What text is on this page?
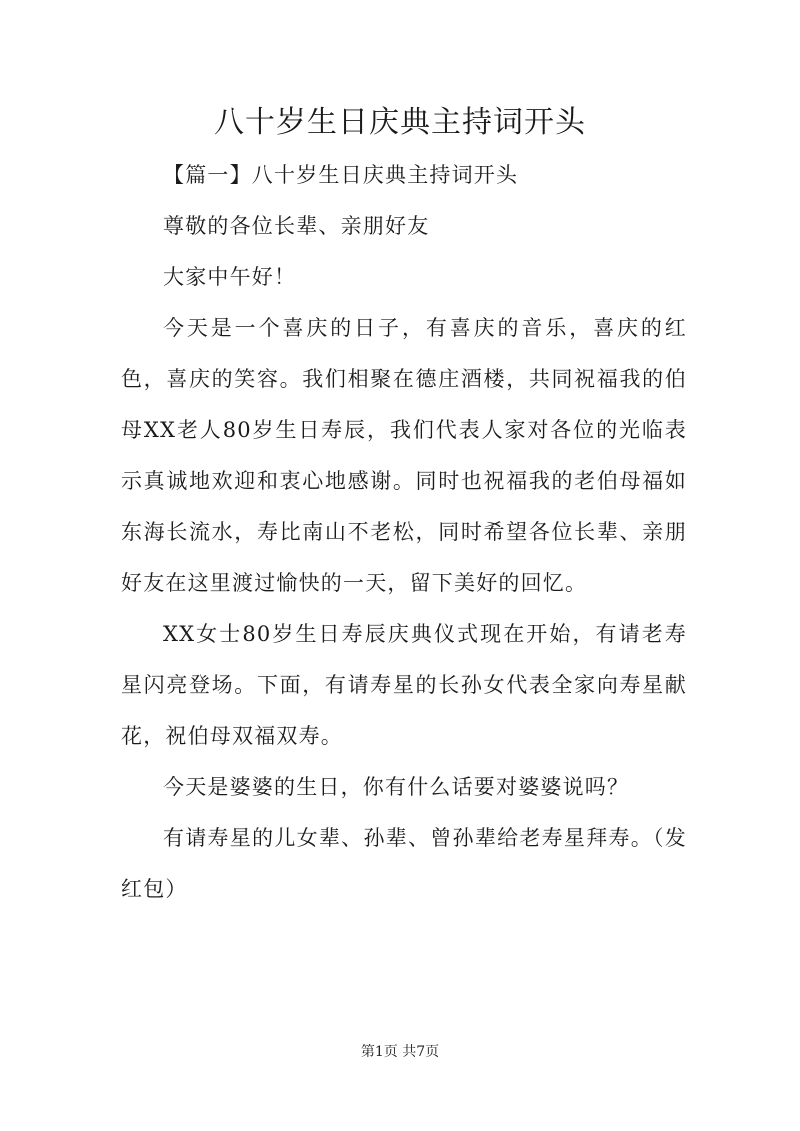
八十岁生日庆典主持词开头

【篇一】八十岁生日庆典主持词开头

尊敬的各位长辈、亲朋好友

大家中午好！

今天是一个喜庆的日子，有喜庆的音乐，喜庆的红色，喜庆的笑容。我们相聚在德庄酒楼，共同祝福我的伯母XX老人80岁生日寿辰，我们代表人家对各位的光临表示真诚地欢迎和衷心地感谢。同时也祝福我的老伯母福如东海长流水，寿比南山不老松，同时希望各位长辈、亲朋好友在这里渡过愉快的一天，留下美好的回忆。

XX女士80岁生日寿辰庆典仪式现在开始，有请老寿星闪亮登场。下面，有请寿星的长孙女代表全家向寿星献花，祝伯母双福双寿。

今天是婆婆的生日，你有什么话要对婆婆说吗？

有请寿星的儿女辈、孙辈、曾孙辈给老寿星拜寿。（发红包）

第1页 共7页
